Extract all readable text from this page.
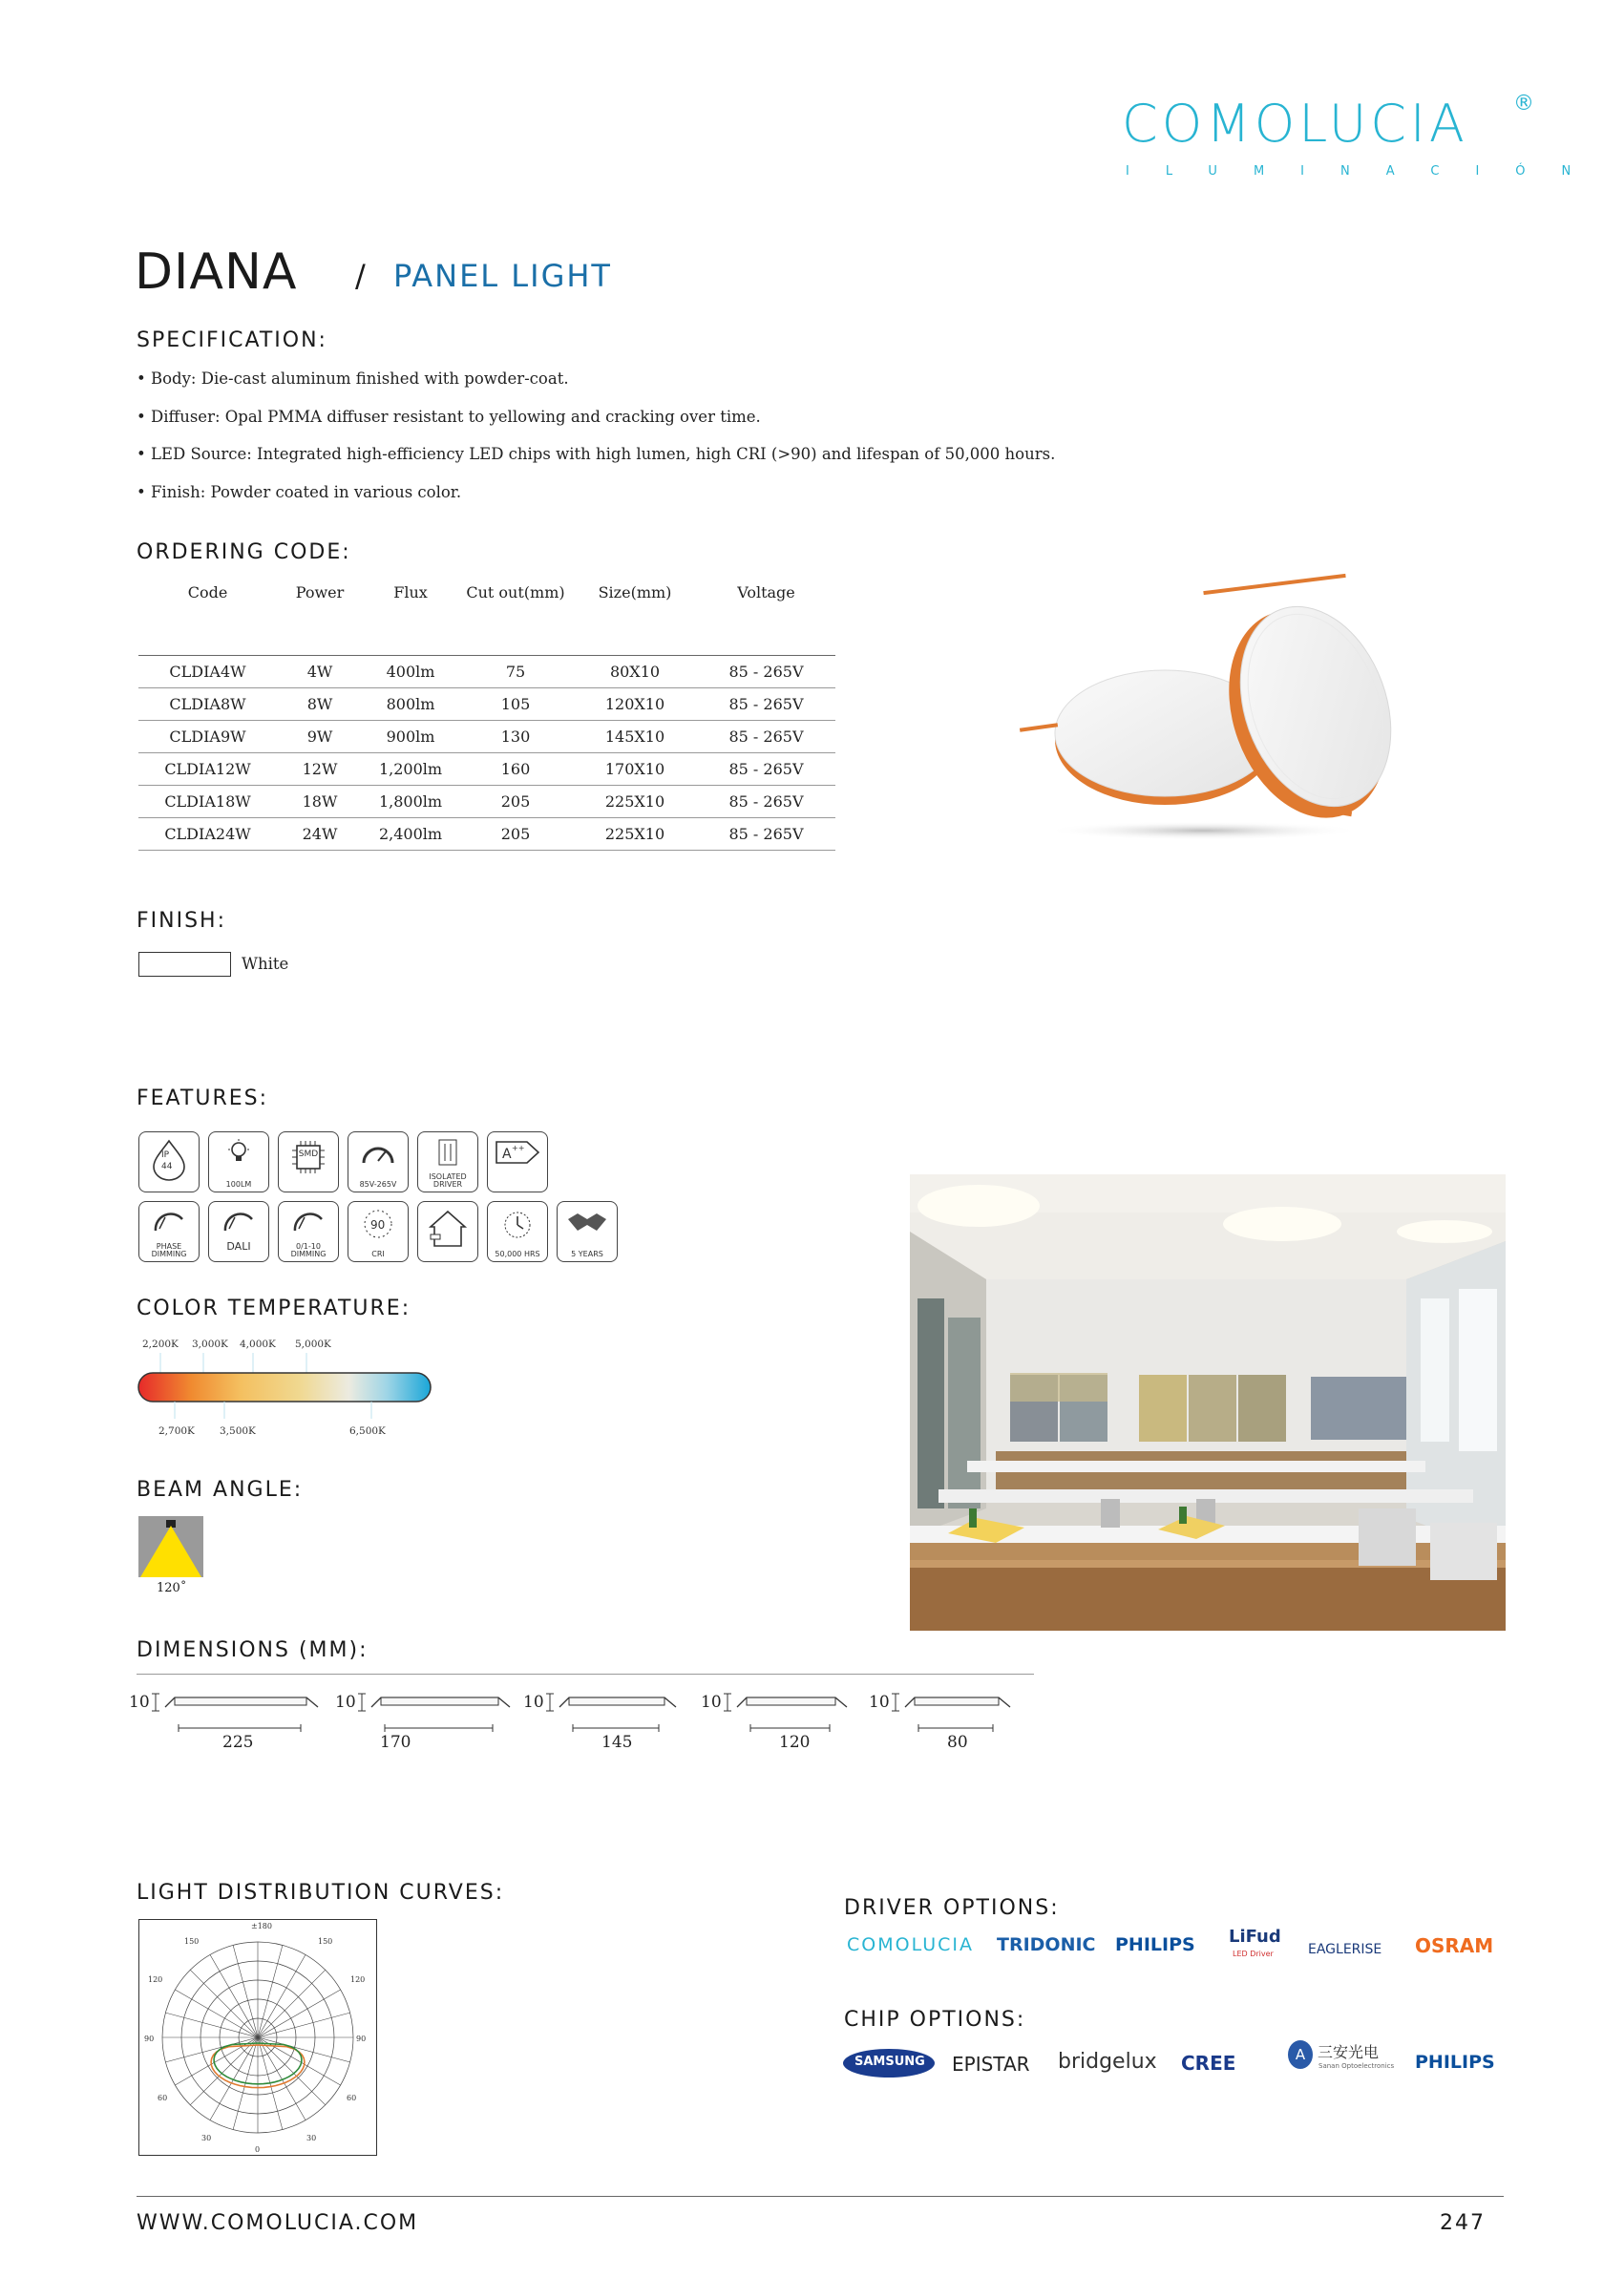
COMOLUCIA ®
ILUMINACIÓN
DIANA / PANEL LIGHT
SPECIFICATION:
• Body: Die-cast aluminum finished with powder-coat.
• Diffuser: Opal PMMA diffuser resistant to yellowing and cracking over time.
• LED Source: Integrated high-efficiency LED chips with high lumen, high CRI (>90) and lifespan of 50,000 hours.
• Finish: Powder coated in various color.
ORDERING CODE:
Code	Power	Flux	Cut out(mm)	Size(mm)	Voltage

CLDIA4W	4W	400lm	75	80X10	85 - 265V
CLDIA8W	8W	800lm	105	120X10	85 - 265V
CLDIA9W	9W	900lm	130	145X10	85 - 265V
CLDIA12W	12W	1,200lm	160	170X10	85 - 265V
CLDIA18W	18W	1,800lm	205	225X10	85 - 265V
CLDIA24W	24W	2,400lm	205	225X10	85 - 265V
FINISH:
White
FEATURES:
IP
44
100LM
SMD
85V-265V
ISOLATED DRIVER
A ++
PHASE DIMMING
DALI	0/1-10 DIMMING
90
CRI	50,000 HRS	5 YEARS
COLOR TEMPERATURE:
2,200K 3,000K 4,000K 5,000K
2,700K 3,500K	6,500K
BEAM ANGLE:
120˚
DIMENSIONS (MM):
10
225
10
170
10
145
10
120
10
80
LIGHT DISTRIBUTION CURVES:
±180
150	150
120	120
90	90
60	60
30	30
0
DRIVER OPTIONS:
COMOLUCIA TRIDONIC PHILIPS LiFud
LED Driver	EAGLERISE OSRAM
CHIP OPTIONS:
SAMSUNG EPISTAR bridgelux CREE	A 三安光电
Sanan Optoelectronics PHILIPS
WWW.COMOLUCIA.COM	247
